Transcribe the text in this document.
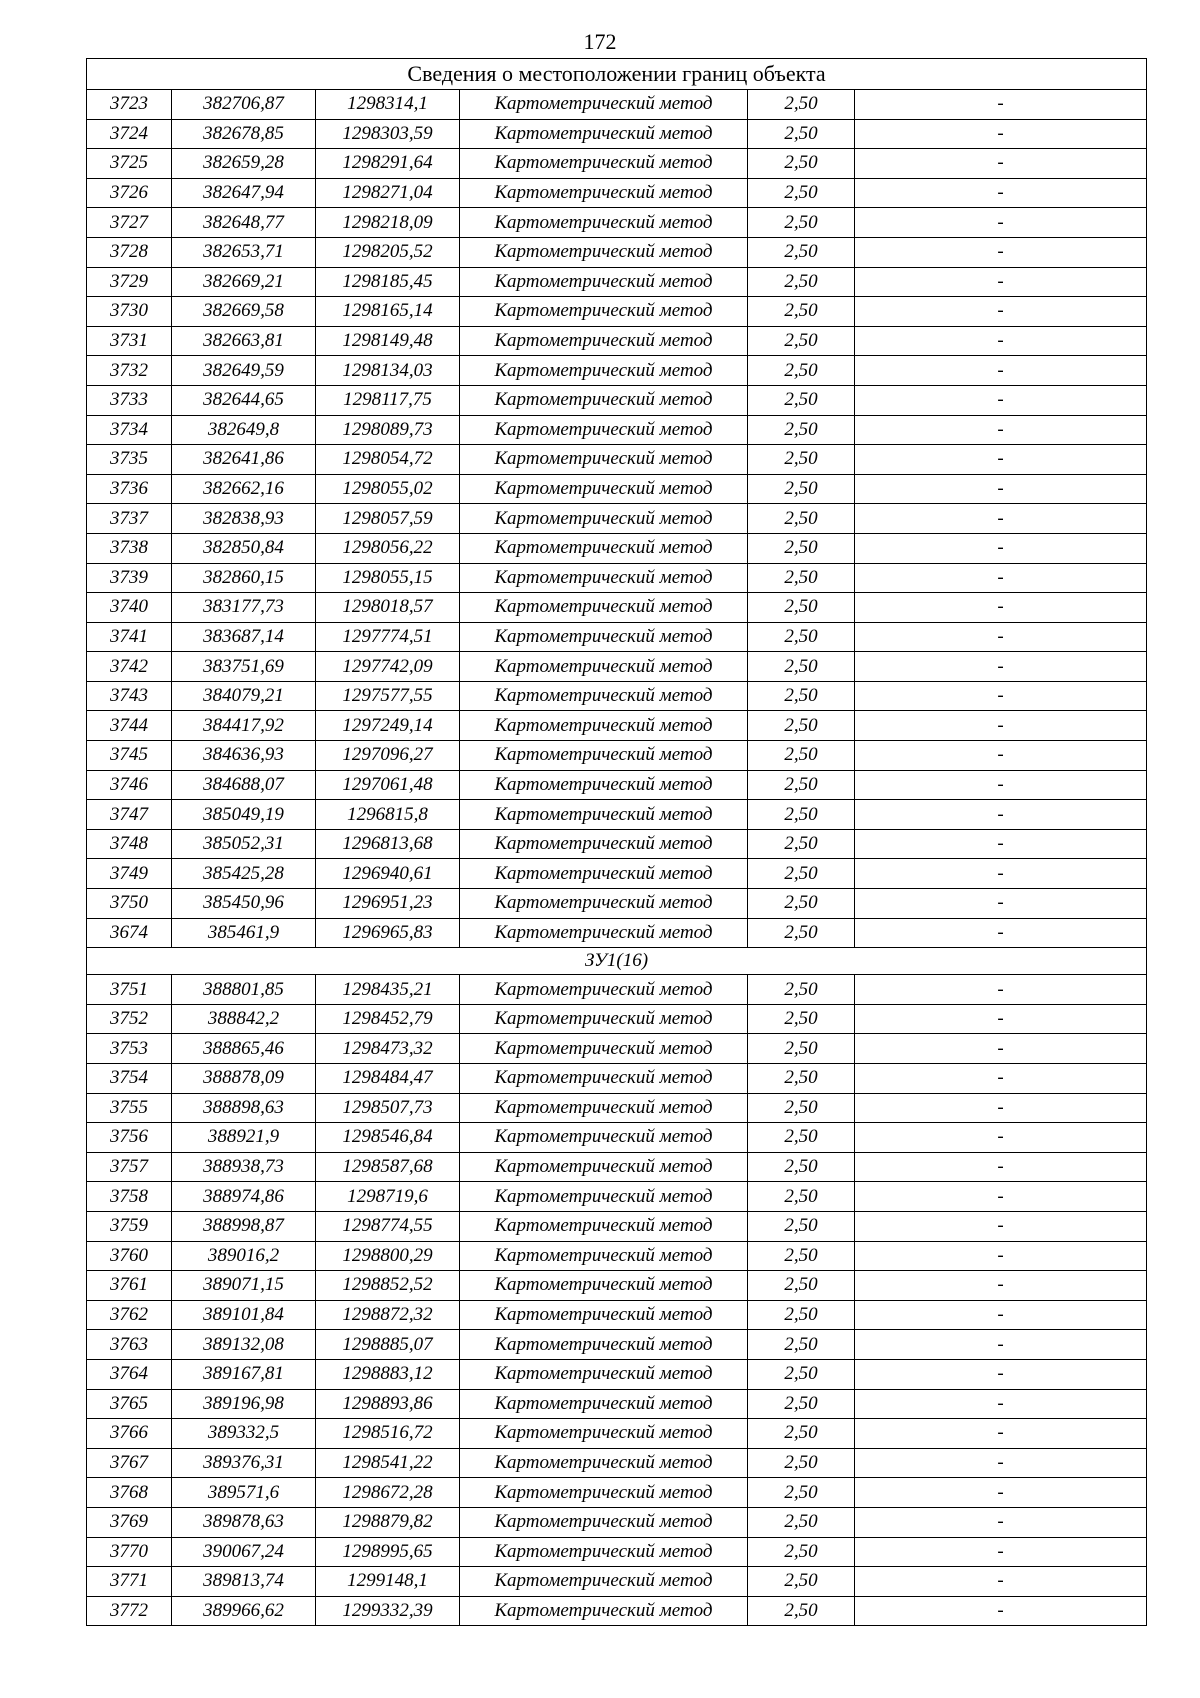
172
Сведения о местоположении границ объекта					
3723	382706,87	1298314,1	Картометрический метод	2,50	-
3724	382678,85	1298303,59	Картометрический метод	2,50	-
3725	382659,28	1298291,64	Картометрический метод	2,50	-
3726	382647,94	1298271,04	Картометрический метод	2,50	-
3727	382648,77	1298218,09	Картометрический метод	2,50	-
3728	382653,71	1298205,52	Картометрический метод	2,50	-
3729	382669,21	1298185,45	Картометрический метод	2,50	-
3730	382669,58	1298165,14	Картометрический метод	2,50	-
3731	382663,81	1298149,48	Картометрический метод	2,50	-
3732	382649,59	1298134,03	Картометрический метод	2,50	-
3733	382644,65	1298117,75	Картометрический метод	2,50	-
3734	382649,8	1298089,73	Картометрический метод	2,50	-
3735	382641,86	1298054,72	Картометрический метод	2,50	-
3736	382662,16	1298055,02	Картометрический метод	2,50	-
3737	382838,93	1298057,59	Картометрический метод	2,50	-
3738	382850,84	1298056,22	Картометрический метод	2,50	-
3739	382860,15	1298055,15	Картометрический метод	2,50	-
3740	383177,73	1298018,57	Картометрический метод	2,50	-
3741	383687,14	1297774,51	Картометрический метод	2,50	-
3742	383751,69	1297742,09	Картометрический метод	2,50	-
3743	384079,21	1297577,55	Картометрический метод	2,50	-
3744	384417,92	1297249,14	Картометрический метод	2,50	-
3745	384636,93	1297096,27	Картометрический метод	2,50	-
3746	384688,07	1297061,48	Картометрический метод	2,50	-
3747	385049,19	1296815,8	Картометрический метод	2,50	-
3748	385052,31	1296813,68	Картометрический метод	2,50	-
3749	385425,28	1296940,61	Картометрический метод	2,50	-
3750	385450,96	1296951,23	Картометрический метод	2,50	-
3674	385461,9	1296965,83	Картометрический метод	2,50	-
ЗУ1(16)					
3751	388801,85	1298435,21	Картометрический метод	2,50	-
3752	388842,2	1298452,79	Картометрический метод	2,50	-
3753	388865,46	1298473,32	Картометрический метод	2,50	-
3754	388878,09	1298484,47	Картометрический метод	2,50	-
3755	388898,63	1298507,73	Картометрический метод	2,50	-
3756	388921,9	1298546,84	Картометрический метод	2,50	-
3757	388938,73	1298587,68	Картометрический метод	2,50	-
3758	388974,86	1298719,6	Картометрический метод	2,50	-
3759	388998,87	1298774,55	Картометрический метод	2,50	-
3760	389016,2	1298800,29	Картометрический метод	2,50	-
3761	389071,15	1298852,52	Картометрический метод	2,50	-
3762	389101,84	1298872,32	Картометрический метод	2,50	-
3763	389132,08	1298885,07	Картометрический метод	2,50	-
3764	389167,81	1298883,12	Картометрический метод	2,50	-
3765	389196,98	1298893,86	Картометрический метод	2,50	-
3766	389332,5	1298516,72	Картометрический метод	2,50	-
3767	389376,31	1298541,22	Картометрический метод	2,50	-
3768	389571,6	1298672,28	Картометрический метод	2,50	-
3769	389878,63	1298879,82	Картометрический метод	2,50	-
3770	390067,24	1298995,65	Картометрический метод	2,50	-
3771	389813,74	1299148,1	Картометрический метод	2,50	-
3772	389966,62	1299332,39	Картометрический метод	2,50	-
